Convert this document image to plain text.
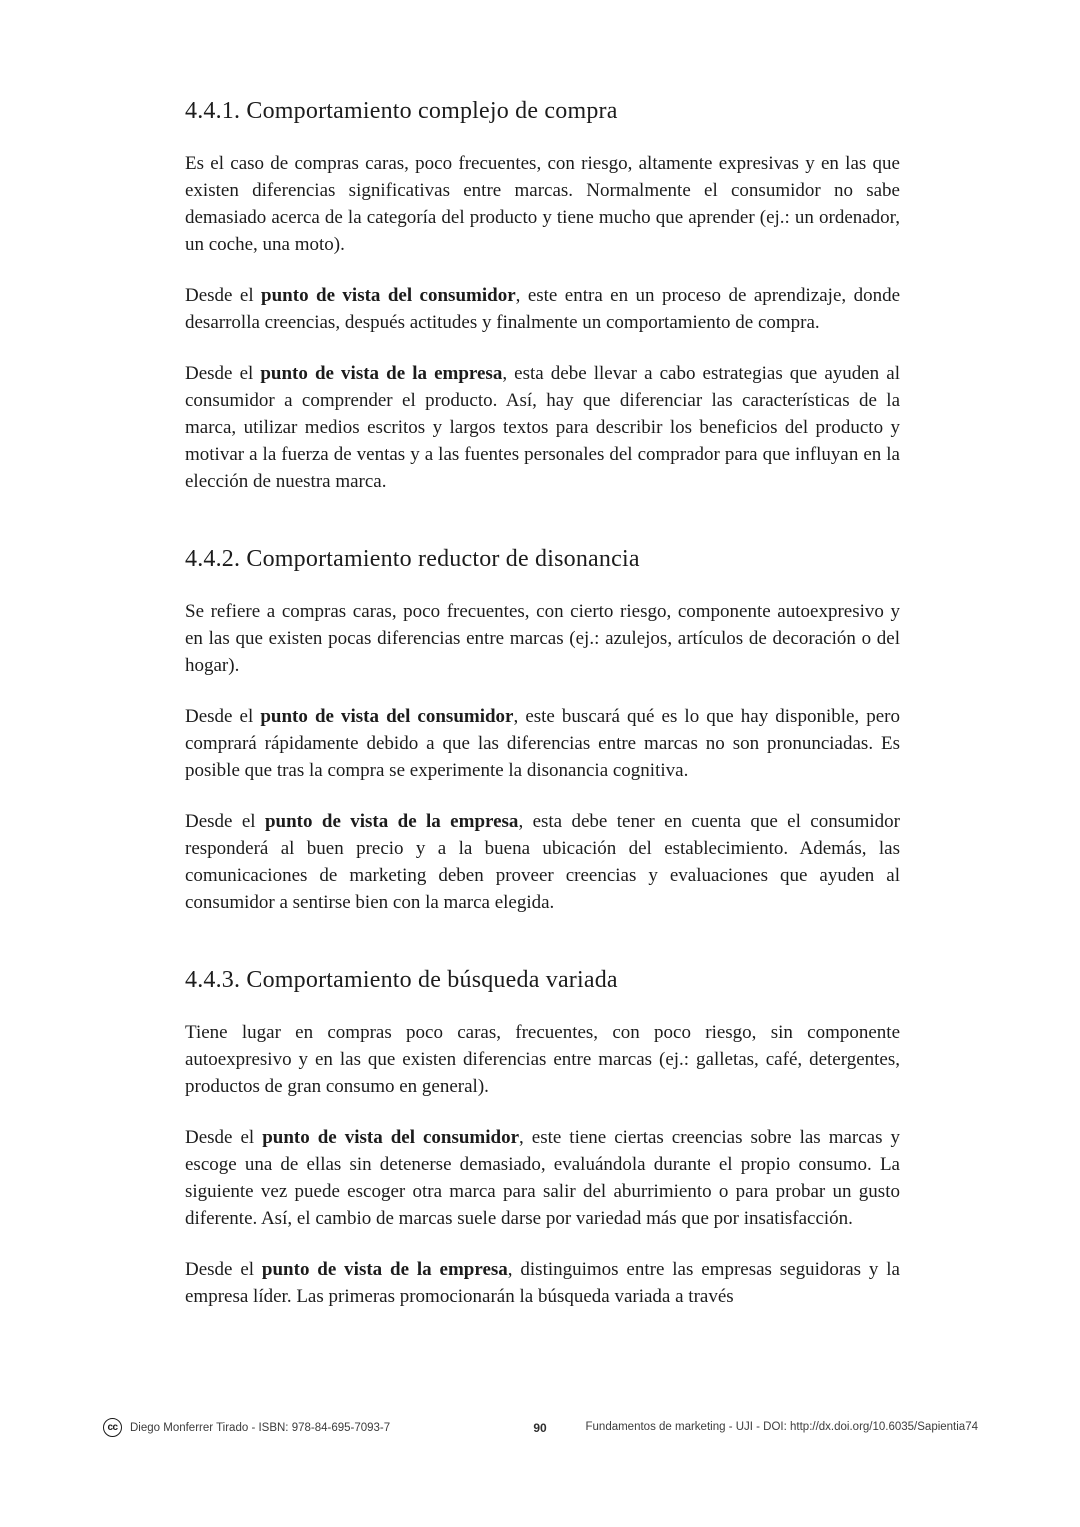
4.4.1. Comportamiento complejo de compra

Es el caso de compras caras, poco frecuentes, con riesgo, altamente expresivas y en las que existen diferencias significativas entre marcas. Normalmente el consumidor no sabe demasiado acerca de la categoría del producto y tiene mucho que aprender (ej.: un ordenador, un coche, una moto).

Desde el punto de vista del consumidor, este entra en un proceso de aprendizaje, donde desarrolla creencias, después actitudes y finalmente un comportamiento de compra.

Desde el punto de vista de la empresa, esta debe llevar a cabo estrategias que ayuden al consumidor a comprender el producto. Así, hay que diferenciar las características de la marca, utilizar medios escritos y largos textos para describir los beneficios del producto y motivar a la fuerza de ventas y a las fuentes personales del comprador para que influyan en la elección de nuestra marca.

4.4.2. Comportamiento reductor de disonancia

Se refiere a compras caras, poco frecuentes, con cierto riesgo, componente autoexpresivo y en las que existen pocas diferencias entre marcas (ej.: azulejos, artículos de decoración o del hogar).

Desde el punto de vista del consumidor, este buscará qué es lo que hay disponible, pero comprará rápidamente debido a que las diferencias entre marcas no son pronunciadas. Es posible que tras la compra se experimente la disonancia cognitiva.

Desde el punto de vista de la empresa, esta debe tener en cuenta que el consumidor responderá al buen precio y a la buena ubicación del establecimiento. Además, las comunicaciones de marketing deben proveer creencias y evaluaciones que ayuden al consumidor a sentirse bien con la marca elegida.

4.4.3. Comportamiento de búsqueda variada

Tiene lugar en compras poco caras, frecuentes, con poco riesgo, sin componente autoexpresivo y en las que existen diferencias entre marcas (ej.: galletas, café, detergentes, productos de gran consumo en general).

Desde el punto de vista del consumidor, este tiene ciertas creencias sobre las marcas y escoge una de ellas sin detenerse demasiado, evaluándola durante el propio consumo. La siguiente vez puede escoger otra marca para salir del aburrimiento o para probar un gusto diferente. Así, el cambio de marcas suele darse por variedad más que por insatisfacción.

Desde el punto de vista de la empresa, distinguimos entre las empresas seguidoras y la empresa líder. Las primeras promocionarán la búsqueda variada a través

cc	Diego Monferrer Tirado - ISBN: 978-84-695-7093-7	90	Fundamentos de marketing - UJI - DOI: http://dx.doi.org/10.6035/Sapientia74
